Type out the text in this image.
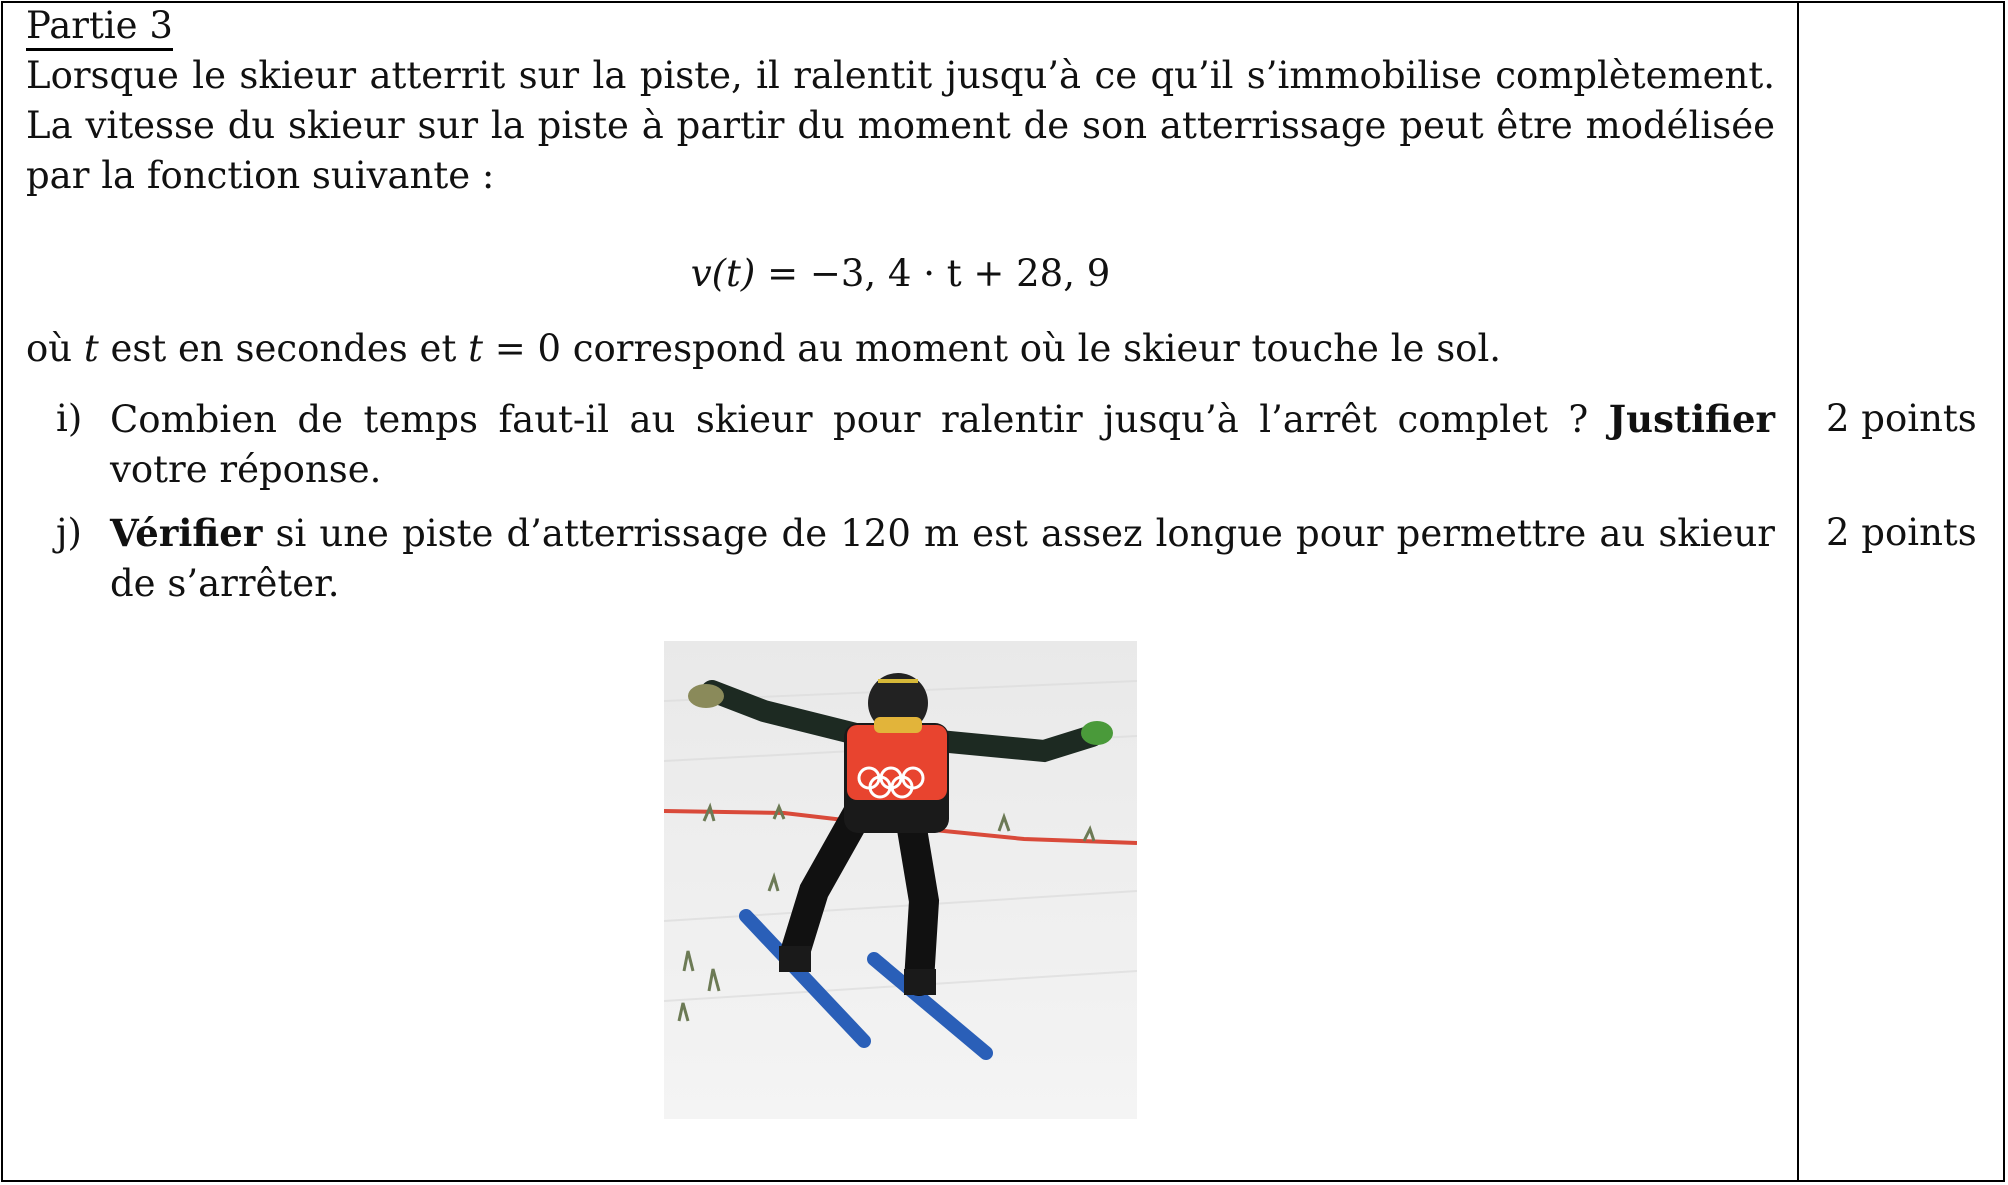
Partie 3

Lorsque le skieur atterrit sur la piste, il ralentit jusqu’à ce qu’il s’immobilise complètement. La vitesse du skieur sur la piste à partir du moment de son atterrissage peut être modélisée par la fonction suivante :

v(t) = −3, 4 · t + 28, 9
où t est en secondes et t = 0 correspond au moment où le skieur touche le sol.
i) Combien de temps faut-il au skieur pour ralentir jusqu’à l’arrêt complet ? Justifier votre réponse.
j) Vérifier si une piste d’atterrissage de 120 m est assez longue pour permettre au skieur de s’arrêter.
2 points
2 points
